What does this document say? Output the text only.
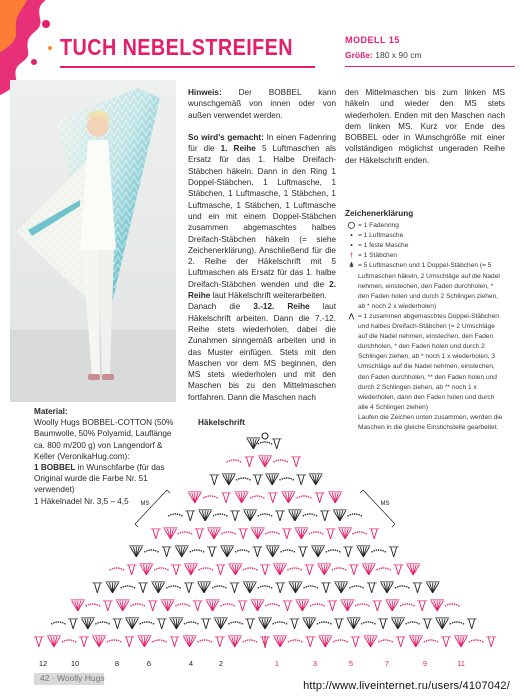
TUCH NEBELSTREIFEN	MODELL 15
Größe: 180 x 90 cm

Hinweis: Der BOBBEL kann wunschgemäß von innen oder von außen verwendet werden.

So wird’s gemacht: In einen Fadenring für die 1. Reihe 5 Luftmaschen als Ersatz für das 1. Halbe Dreifach-Stäbchen häkeln. Dann in den Ring 1 Doppel-Stäbchen, 1 Luftmasche, 1 Stäbchen, 1 Luftmasche, 1 Stäbchen, 1 Luftmasche, 1 Stäbchen, 1 Luftmasche und ein mit einem Doppel-Stäbchen zusammen abgemaschtes halbes Dreifach-Stäbchen häkeln (= siehe Zeichenerklärung). Anschließend für die 2. Reihe der Häkelschrift mit 5 Luftmaschen als Ersatz für das 1. halbe Dreifach-Stäbchen wenden und die 2. Reihe laut Häkelschrift weiterarbeiten.

Danach die 3.-12. Reihe laut Häkelschrift arbeiten. Dann die 7.-12. Reihe stets wiederholen, dabei die Zunahmen sinngemäß arbeiten und in das Muster einfügen. Stets mit den Maschen vor dem MS beginnen, den MS stets wiederholen und mit den Maschen bis zu den Mittelmaschen fortfahren. Dann die Maschen nach

den Mittelmaschen bis zum linken MS häkeln und wieder den MS stets wiederholen. Enden mit den Maschen nach dem linken MS. Kurz vor Ende des BOBBEL oder in Wunschgröße mit einer vollständigen möglichst ungeraden Reihe der Häkelschrift enden.

Zeichenerklärung
◯ = 1 Fadenring
• = 1 Luftmasche
• = 1 feste Masche
† = 1 Stäbchen
⋔ = 5 Luftmaschen und 1 Doppel-Stäbchen (= 5 Luftmaschen häkeln, 2 Umschläge auf die Nadel nehmen, einstechen, den Faden durchholen, * den Faden holen und durch 2 Schlingen ziehen, ab * noch 2 x wiederholen)
⋀ = 1 zusammen abgemaschtes Doppel-Stäbchen und halbes Dreifach-Stäbchen (= 2 Umschläge auf die Nadel nehmen, einstechen, den Faden durchholen, * den Faden holen und durch 2 Schlingen ziehen, ab * noch 1 x wiederholen, 3 Umschläge auf die Nadel nehmen, einstechen, den Faden durchholen, ** den Faden holen und durch 2 Schlingen ziehen, ab ** noch 1 x wiederholen, dann den Faden holen und durch alle 4 Schlingen ziehen)
Laufen die Zeichen unten zusammen, werden die Maschen in die gleiche Einstichstelle gearbeitet.
Material:
Woolly Hugs BOBBEL-COTTON (50% Baumwolle, 50% Polyamid, Lauflänge ca. 800 m/200 g) von Langendorf & Keller (VeronikaHug.com):
1 BOBBEL in Wunschfarbe (für das Original wurde die Farbe Nr. 51 verwendet)
1 Häkelnadel Nr. 3,5 – 4,5
Häkelschrift
MS	MS
12	10	8	6	4	2	1	3	5	7	9	11
42 · Woolly Hugs
http://www.liveinternet.ru/users/4107042/
